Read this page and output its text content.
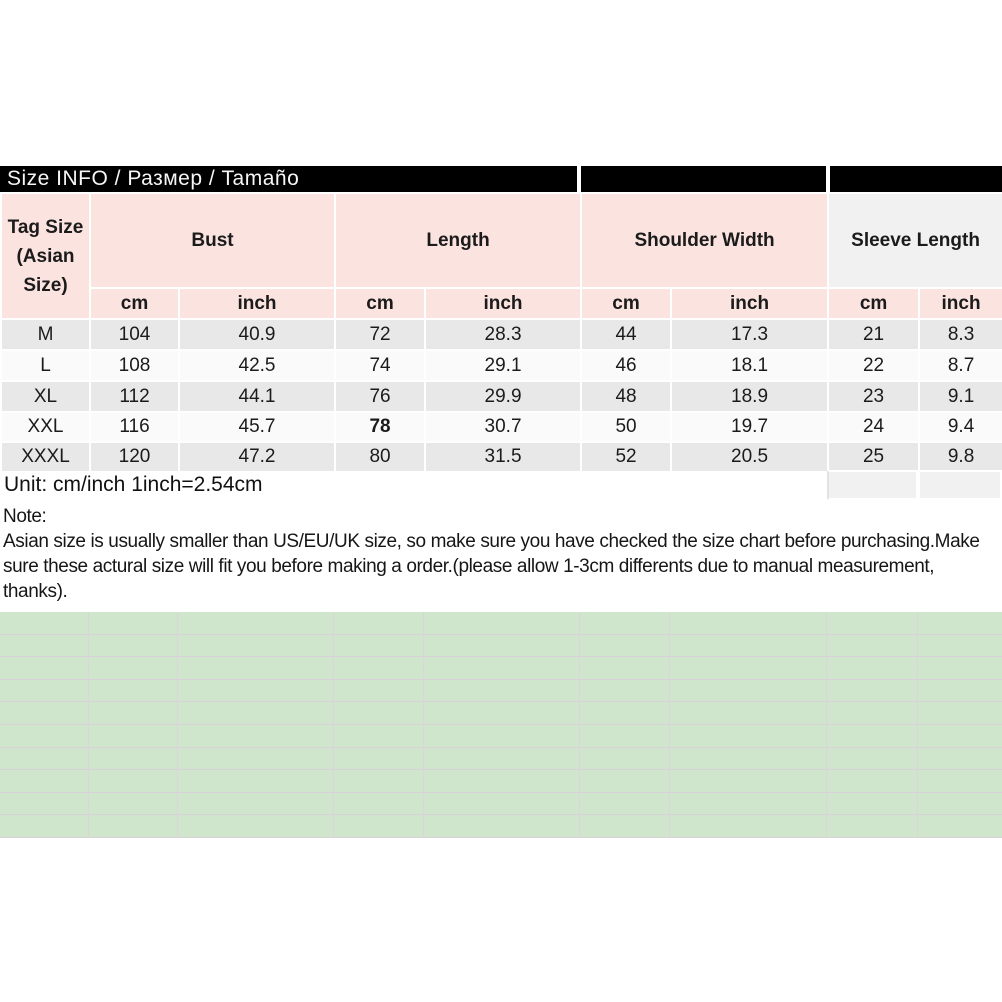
Size INFO / Размер / Tamaño
Tag Size (Asian Size)	Bust		Length		Shoulder Width		Sleeve Length	
	cm	inch	cm	inch	cm	inch	cm	inch
M	104	40.9	72	28.3	44	17.3	21	8.3
L	108	42.5	74	29.1	46	18.1	22	8.7
XL	112	44.1	76	29.9	48	18.9	23	9.1
XXL	116	45.7	78	30.7	50	19.7	24	9.4
XXXL	120	47.2	80	31.5	52	20.5	25	9.8
Unit: cm/inch 1inch=2.54cm
Note:
Asian size is usually smaller than US/EU/UK size, so make sure you have checked the size chart before purchasing.Make sure these actural size will fit you before making a order.(please allow 1-3cm differents due to manual measurement, thanks).
